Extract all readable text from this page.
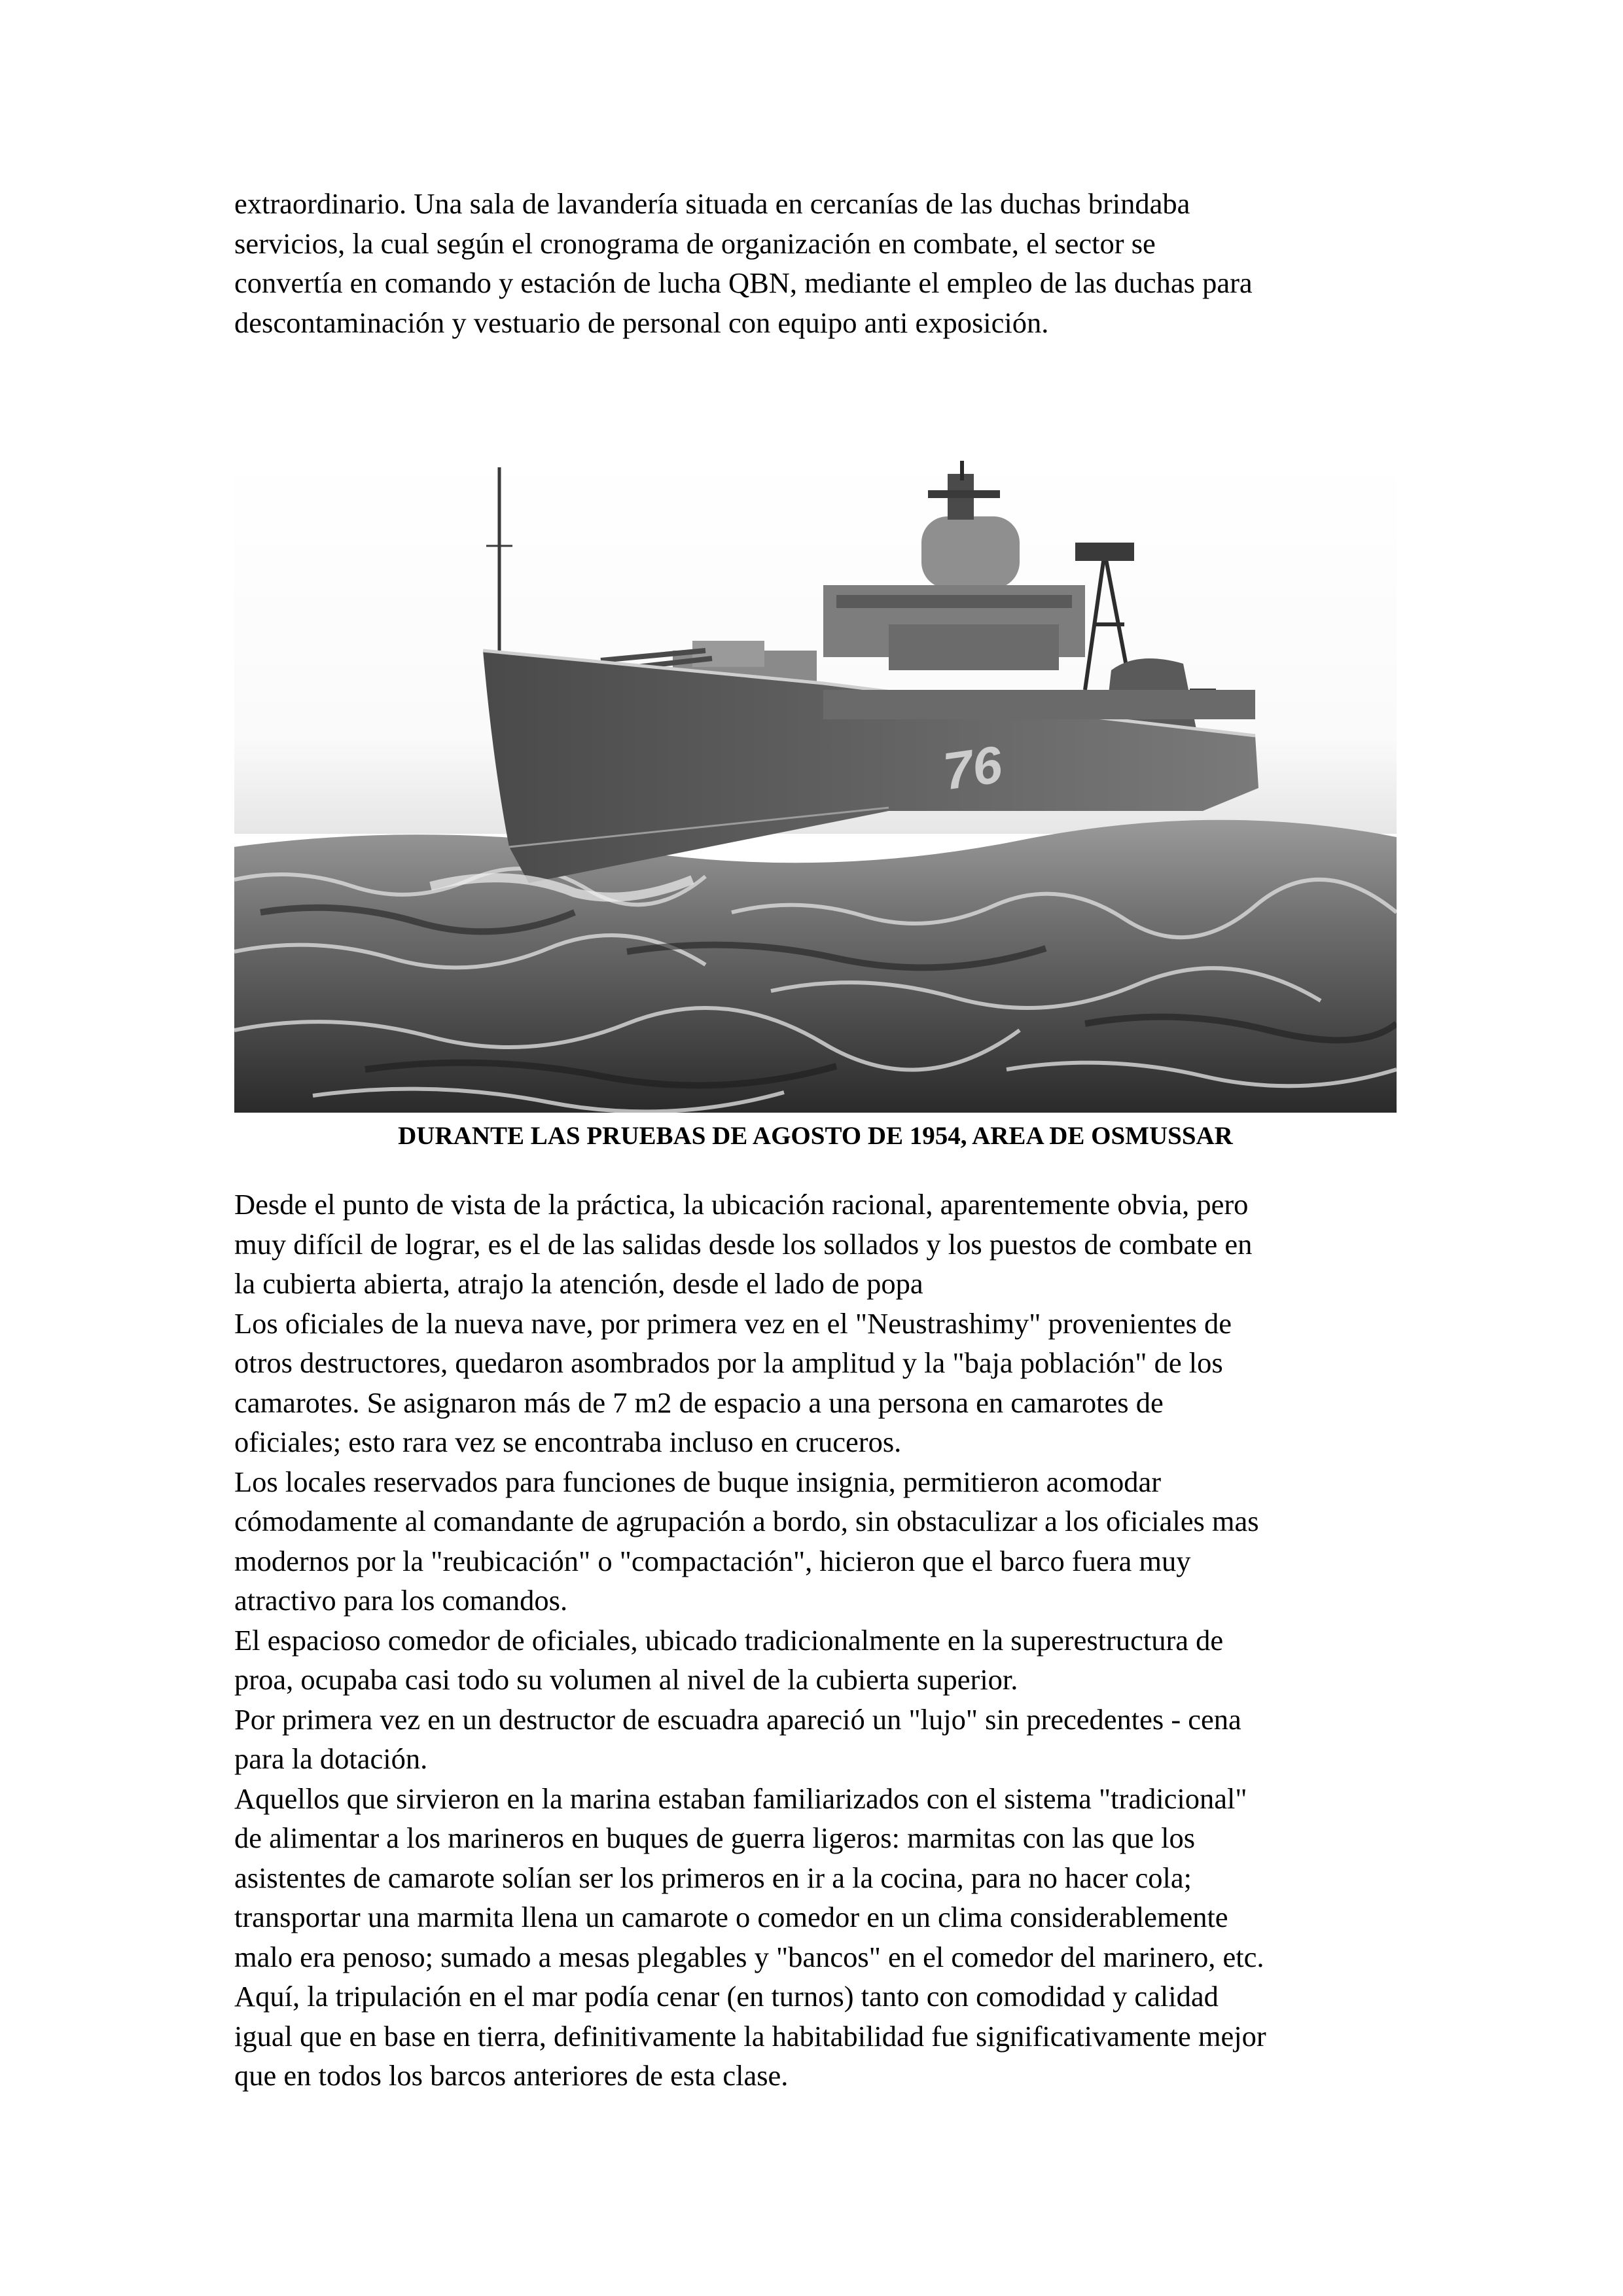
extraordinario. Una sala de lavandería situada en cercanías de las duchas brindaba
servicios, la cual según el cronograma de organización en combate, el sector se
convertía en comando y estación de lucha QBN, mediante el empleo de las duchas para
descontaminación y vestuario de personal con equipo anti exposición.

76
DURANTE LAS PRUEBAS DE AGOSTO DE 1954, AREA DE OSMUSSAR

Desde el punto de vista de la práctica, la ubicación racional, aparentemente obvia, pero
muy difícil de lograr, es el de las salidas desde los sollados y los puestos de combate en
la cubierta abierta, atrajo la atención, desde el lado de popa
Los oficiales de la nueva nave, por primera vez en el "Neustrashimy" provenientes de
otros destructores, quedaron asombrados por la amplitud y la "baja población" de los
camarotes. Se asignaron más de 7 m2 de espacio a una persona en camarotes de
oficiales; esto rara vez se encontraba incluso en cruceros.
Los locales reservados para funciones de buque insignia, permitieron acomodar
cómodamente al comandante de agrupación a bordo, sin obstaculizar a los oficiales mas
modernos por la "reubicación" o "compactación", hicieron que el barco fuera muy
atractivo para los comandos.
El espacioso comedor de oficiales, ubicado tradicionalmente en la superestructura de
proa, ocupaba casi todo su volumen al nivel de la cubierta superior.
Por primera vez en un destructor de escuadra apareció un "lujo" sin precedentes - cena
para la dotación.
Aquellos que sirvieron en la marina estaban familiarizados con el sistema "tradicional"
de alimentar a los marineros en buques de guerra ligeros: marmitas con las que los
asistentes de camarote solían ser los primeros en ir a la cocina, para no hacer cola;
transportar una marmita llena un camarote o comedor en un clima considerablemente
malo era penoso; sumado a mesas plegables y "bancos" en el comedor del marinero, etc.
Aquí, la tripulación en el mar podía cenar (en turnos) tanto con comodidad y calidad
igual que en base en tierra, definitivamente la habitabilidad fue significativamente mejor
que en todos los barcos anteriores de esta clase.
